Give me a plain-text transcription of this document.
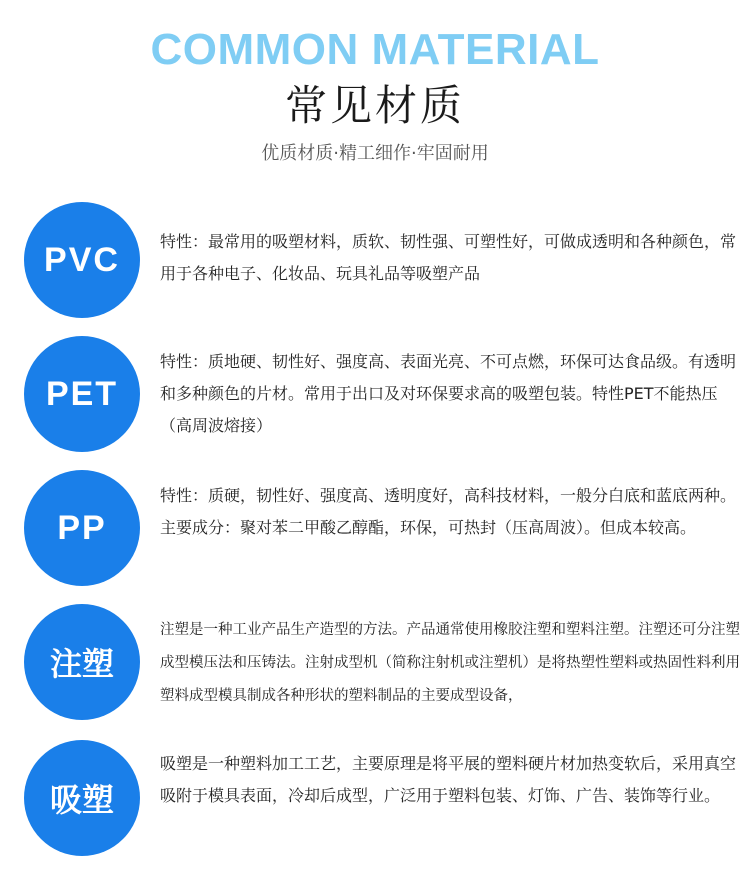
COMMON MATERIAL
常见材质
优质材质·精工细作·牢固耐用
PVC	特性：最常用的吸塑材料，质软、韧性强、可塑性好，可做成透明和各种颜色，常用于各种电子、化妆品、玩具礼品等吸塑产品
PET
特性：质地硬、韧性好、强度高、表面光亮、不可点燃，环保可达食品级。有透明和多种颜色的片材。常用于出口及对环保要求高的吸塑包装。特性PET不能热压（高周波熔接）
PP
特性：质硬，韧性好、强度高、透明度好，高科技材料，一般分白底和蓝底两种。主要成分：聚对苯二甲酸乙醇酯，环保，可热封（压高周波）。但成本较高。
注塑
注塑是一种工业产品生产造型的方法。产品通常使用橡胶注塑和塑料注塑。注塑还可分注塑成型模压法和压铸法。注射成型机（简称注射机或注塑机）是将热塑性塑料或热固性料利用塑料成型模具制成各种形状的塑料制品的主要成型设备，
吸塑
吸塑是一种塑料加工工艺，主要原理是将平展的塑料硬片材加热变软后，采用真空吸附于模具表面，冷却后成型，广泛用于塑料包装、灯饰、广告、装饰等行业。
